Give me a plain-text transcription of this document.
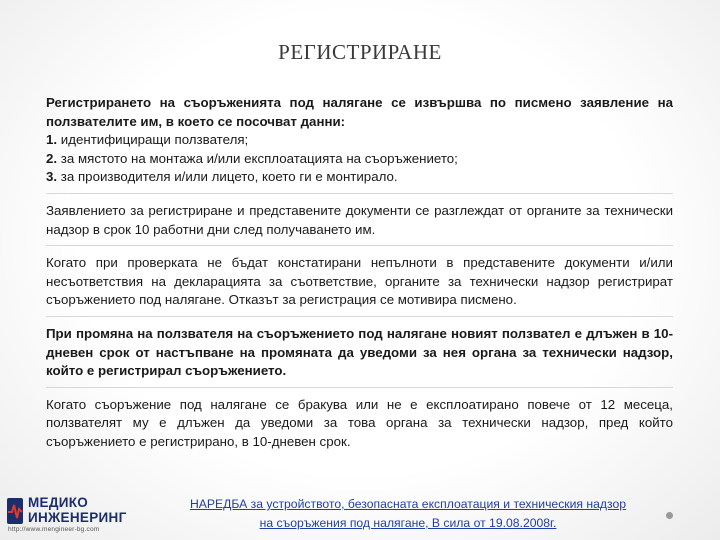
РЕГИСТРИРАНЕ

Регистрирането на съоръженията под налягане се извършва по писмено заявление на ползвателите им, в което се посочват данни:

1. идентифициращи ползвателя;
2. за мястото на монтажа и/или експлоатацията на съоръжението;
3. за производителя и/или лицето, което ги е монтирало.

Заявлението за регистриране и представените документи се разглеждат от органите за технически надзор в срок 10 работни дни след получаването им.

Когато при проверката не бъдат констатирани непълноти в представените документи и/или несъответствия на декларацията за съответствие, органите за технически надзор регистрират съоръжението под налягане. Отказът за регистрация се мотивира писмено.

При промяна на ползвателя на съоръжението под налягане новият ползвател е длъжен в 10-дневен срок от настъпване на промяната да уведоми за нея органа за технически надзор, който е регистрирал съоръжението.

Когато съоръжение под налягане се бракува или не е експлоатирано повече от 12 месеца, ползвателят му е длъжен да уведоми за това органа за технически надзор, пред който съоръжението е регистрирано, в 10-дневен срок.

МЕДИКО
ИНЖЕНЕРИНГ
http://www.mengineer-bg.com
НАРЕДБА за устройството, безопасната експлоатация и техническия надзор
на съоръжения под налягане, В сила от 19.08.2008г.
